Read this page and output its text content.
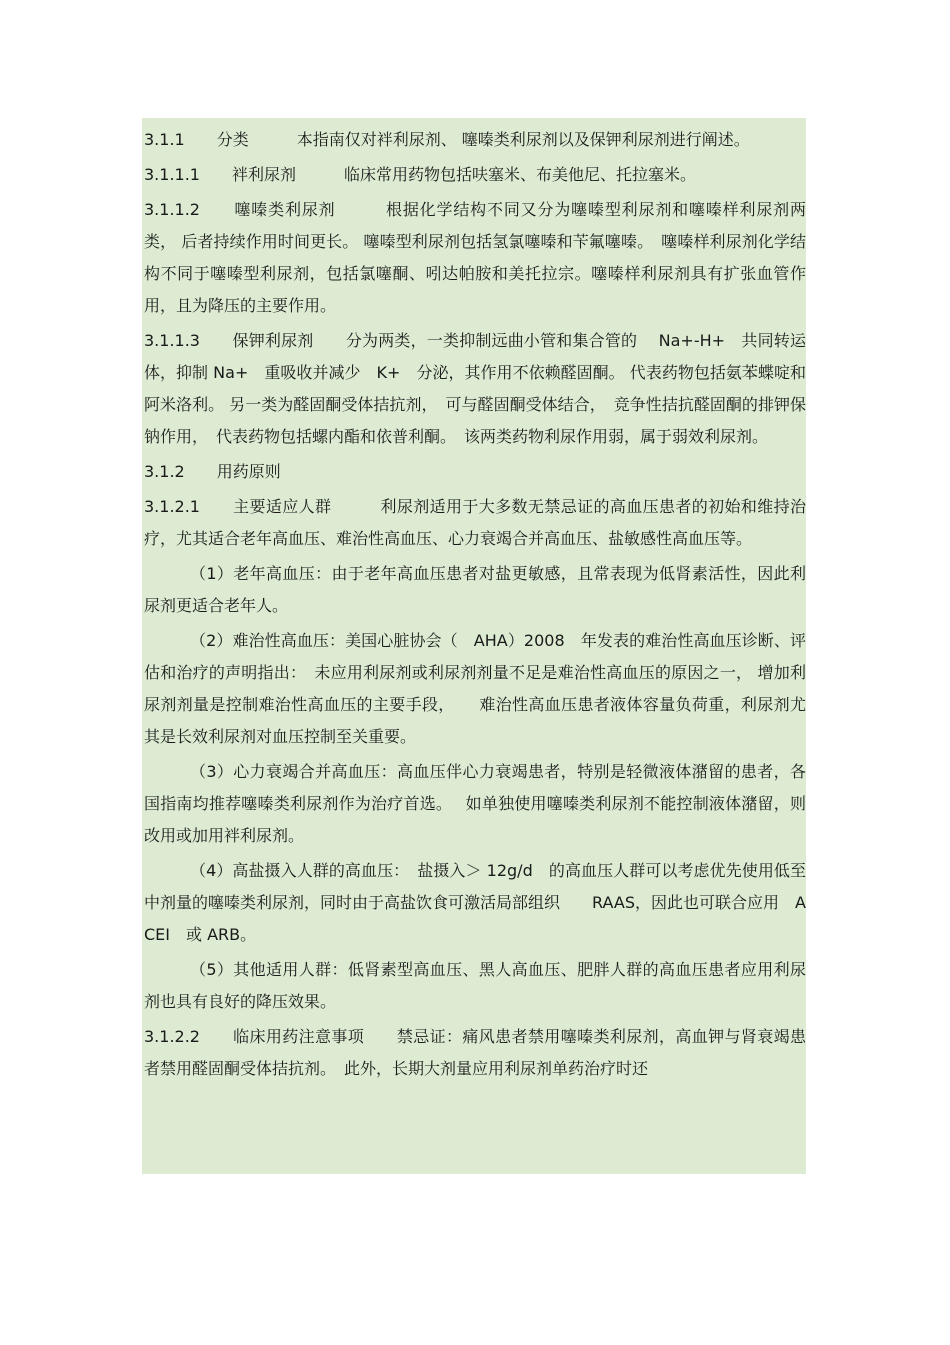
3.1.1　　分类　　　本指南仅对袢利尿剂、 噻嗪类利尿剂以及保钾利尿剂进行阐述。

3.1.1.1　　袢利尿剂　　　临床常用药物包括呋塞米、布美他尼、托拉塞米。

3.1.1.2　　噻嗪类利尿剂　　　根据化学结构不同又分为噻嗪型利尿剂和噻嗪样利尿剂两类， 后者持续作用时间更长。 噻嗪型利尿剂包括氢氯噻嗪和苄氟噻嗪。　噻嗪样利尿剂化学结构不同于噻嗪型利尿剂，包括氯噻酮、吲达帕胺和美托拉宗。噻嗪样利尿剂具有扩张血管作用，且为降压的主要作用。

3.1.1.3　　保钾利尿剂　　分为两类，一类抑制远曲小管和集合管的　 Na+-H+　共同转运体，抑制 Na+　重吸收并减少　K+　分泌，其作用不依赖醛固酮。 代表药物包括氨苯蝶啶和阿米洛利。 另一类为醛固酮受体拮抗剂，　可与醛固酮受体结合，　竞争性拮抗醛固酮的排钾保钠作用，　代表药物包括螺内酯和依普利酮。　该两类药物利尿作用弱，属于弱效利尿剂。

3.1.2　　用药原则

3.1.2.1　　主要适应人群　　　利尿剂适用于大多数无禁忌证的高血压患者的初始和维持治疗，尤其适合老年高血压、难治性高血压、心力衰竭合并高血压、盐敏感性高血压等。

（1）老年高血压：由于老年高血压患者对盐更敏感，且常表现为低肾素活性，因此利尿剂更适合老年人。

（2）难治性高血压：美国心脏协会（　AHA）2008　年发表的难治性高血压诊断、评估和治疗的声明指出：　未应用利尿剂或利尿剂剂量不足是难治性高血压的原因之一， 增加利尿剂剂量是控制难治性高血压的主要手段，　　难治性高血压患者液体容量负荷重，利尿剂尤其是长效利尿剂对血压控制至关重要。

（3）心力衰竭合并高血压：高血压伴心力衰竭患者，特别是轻微液体潴留的患者，各国指南均推荐噻嗪类利尿剂作为治疗首选。　 如单独使用噻嗪类利尿剂不能控制液体潴留，则改用或加用袢利尿剂。

（4）高盐摄入人群的高血压：　盐摄入＞ 12g/d　的高血压人群可以考虑优先使用低至中剂量的噻嗪类利尿剂，同时由于高盐饮食可激活局部组织　　RAAS，因此也可联合应用　ACEI　或 ARB。

（5）其他适用人群：低肾素型高血压、黑人高血压、肥胖人群的高血压患者应用利尿剂也具有良好的降压效果。

3.1.2.2　　临床用药注意事项　　禁忌证：痛风患者禁用噻嗪类利尿剂，高血钾与肾衰竭患者禁用醛固酮受体拮抗剂。　此外，长期大剂量应用利尿剂单药治疗时还
